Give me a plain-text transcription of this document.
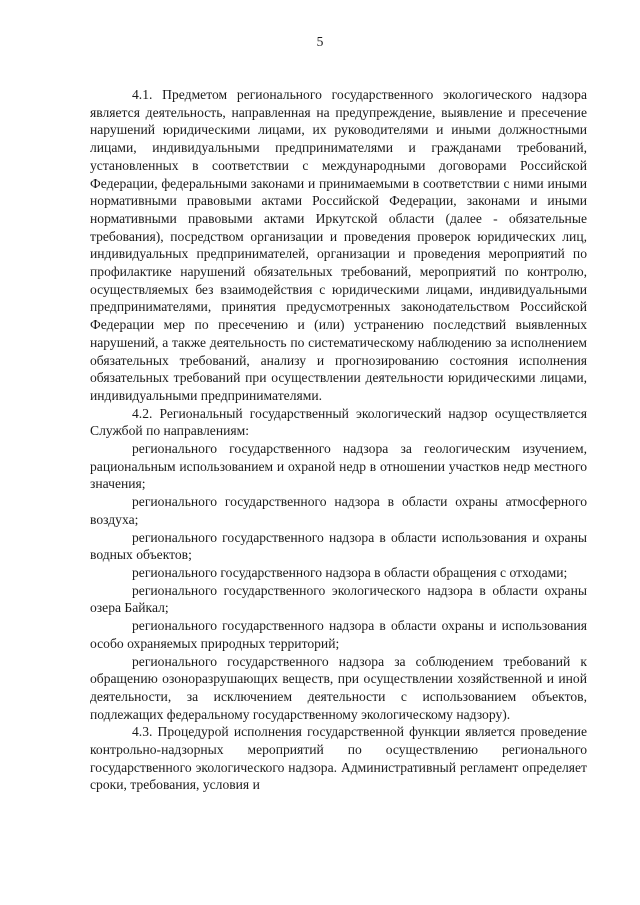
5

4.1. Предметом регионального государственного экологического надзора является деятельность, направленная на предупреждение, выявление и пресечение нарушений юридическими лицами, их руководителями и иными должностными лицами, индивидуальными предпринимателями и гражданами требований, установленных в соответствии с международными договорами Российской Федерации, федеральными законами и принимаемыми в соответствии с ними иными нормативными правовыми актами Российской Федерации, законами и иными нормативными правовыми актами Иркутской области (далее - обязательные требования), посредством организации и проведения проверок юридических лиц, индивидуальных предпринимателей, организации и проведения мероприятий по профилактике нарушений обязательных требований, мероприятий по контролю, осуществляемых без взаимодействия с юридическими лицами, индивидуальными предпринимателями, принятия предусмотренных законодательством Российской Федерации мер по пресечению и (или) устранению последствий выявленных нарушений, а также деятельность по систематическому наблюдению за исполнением обязательных требований, анализу и прогнозированию состояния исполнения обязательных требований при осуществлении деятельности юридическими лицами, индивидуальными предпринимателями.

4.2. Региональный государственный экологический надзор осуществляется Службой по направлениям:

регионального государственного надзора за геологическим изучением, рациональным использованием и охраной недр в отношении участков недр местного значения;

регионального государственного надзора в области охраны атмосферного воздуха;

регионального государственного надзора в области использования и охраны водных объектов;

регионального государственного надзора в области обращения с отходами;

регионального государственного экологического надзора в области охраны озера Байкал;

регионального государственного надзора в области охраны и использования особо охраняемых природных территорий;

регионального государственного надзора за соблюдением требований к обращению озоноразрушающих веществ, при осуществлении хозяйственной и иной деятельности, за исключением деятельности с использованием объектов, подлежащих федеральному государственному экологическому надзору).

4.3. Процедурой исполнения государственной функции является проведение контрольно-надзорных мероприятий по осуществлению регионального государственного экологического надзора. Административный регламент определяет сроки, требования, условия и
